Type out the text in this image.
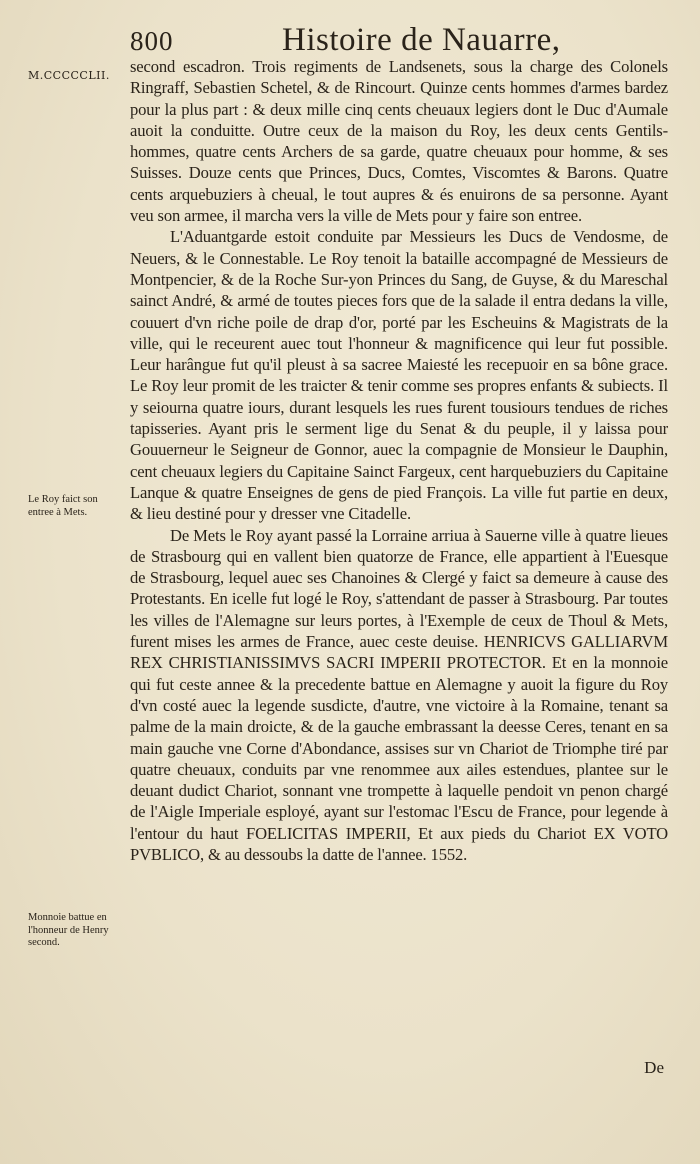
800	Histoire de Nauarre,
M.CCCCCLII. second escadron. Trois regiments de Landsenets, sous la charge des Colonels Ringraff, Sebastien Schetel, & de Rincourt. Quinze cents hommes d'armes bardez pour la plus part : & deux mille cinq cents cheuaux legiers dont le Duc d'Aumale auoit la conduitte. Outre ceux de la maison du Roy, les deux cents Gentils-hommes, quatre cents Archers de sa garde, quatre cheuaux pour homme, & ses Suisses. Douze cents que Princes, Ducs, Comtes, Viscomtes & Barons. Quatre cents arquebuziers à cheual, le tout aupres & és enuirons de sa personne. Ayant veu son armee, il marcha vers la ville de Mets pour y faire son entree.

L'Aduantgarde estoit conduite par Messieurs les Ducs de Vendosme, de Neuers, & le Connestable. Le Roy tenoit la bataille accompagné de Messieurs de Montpencier, & de la Roche Sur-yon Princes du Sang, de Guyse, & du Mareschal sainct André, & armé de toutes pieces fors que de la salade il entra dedans la ville, couuert d'vn riche poile de drap d'or, porté par les Escheuins & Magistrats de la ville, qui le receurent auec tout l'honneur & magnificence qui leur fut possible. Leur harângue fut qu'il pleust à sa sacree Maiesté les recepuoir en sa bône grace. Le Roy leur promit de les traicter & tenir comme ses propres enfants & subiects. Il y seiourna quatre iours, durant lesquels les rues furent tousiours tendues de riches tapisseries. Ayant pris le serment lige du Senat & du peuple, il y laissa pour Gouuerneur le Seigneur de Gonnor, auec la compagnie de Monsieur le Dauphin, cent cheuaux legiers du Capitaine Sainct Fargeux, cent harquebuziers du Capitaine Lanque & quatre Enseignes de gens de pied François. La ville fut partie en deux, & lieu destiné pour y dresser vne Citadelle.

De Mets le Roy ayant passé la Lorraine arriua à Sauerne ville à quatre lieues de Strasbourg qui en vallent bien quatorze de France, elle appartient à l'Euesque de Strasbourg, lequel auec ses Chanoines & Clergé y faict sa demeure à cause des Protestants. En icelle fut logé le Roy, s'attendant de passer à Strasbourg. Par toutes les villes de l'Alemagne sur leurs portes, à l'Exemple de ceux de Thoul & Mets, furent mises les armes de France, auec ceste deuise. HENRICVS GALLIARVM REX CHRISTIANISSIMVS SACRI IMPERII PROTECTOR. Et en la monnoie qui fut ceste annee & la precedente battue en Alemagne y auoit la figure du Roy d'vn costé auec la legende susdicte, d'autre, vne victoire à la Romaine, tenant sa palme de la main droicte, & de la gauche embrassant la deesse Ceres, tenant en sa main gauche vne Corne d'Abondance, assises sur vn Chariot de Triomphe tiré par quatre cheuaux, conduits par vne renommee aux ailes estendues, plantee sur le deuant dudict Chariot, sonnant vne trompette à laquelle pendoit vn penon chargé de l'Aigle Imperiale esployé, ayant sur l'estomac l'Escu de France, pour legende à l'entour du haut FOELICITAS IMPERII, Et aux pieds du Chariot EX VOTO PVBLICO, & au dessoubs la datte de l'annee. 1552.

Le Roy faict son entree à Mets.
Monnoie battue en l'honneur de Henry second.
De
